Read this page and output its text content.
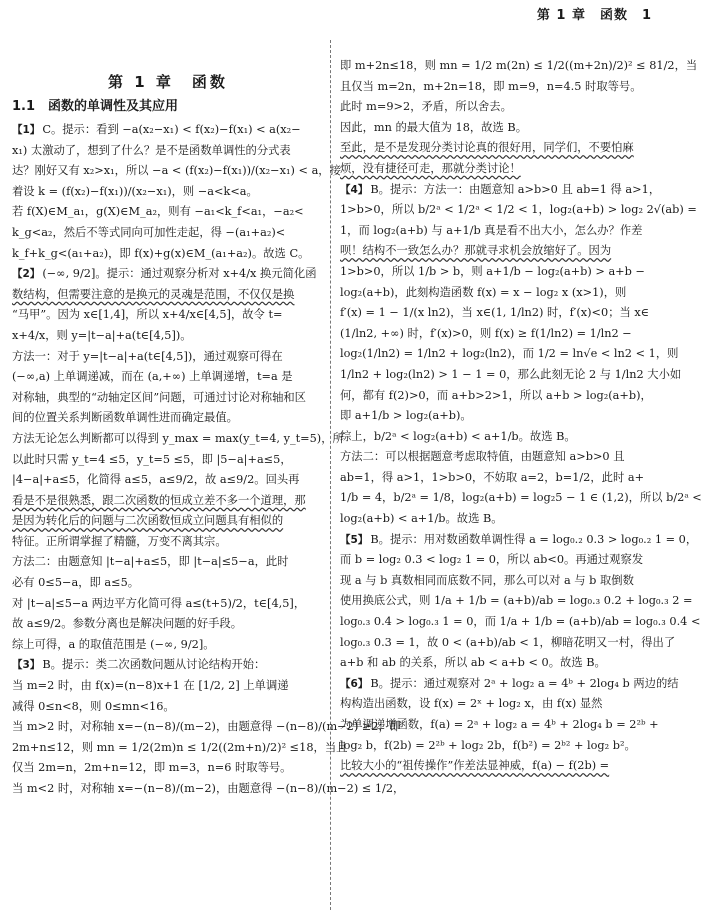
第 1 章　函数　1
第 1 章　函数
1.1　函数的单调性及其应用
【1】 C。提示：看到 −a(x₂−x₁) < f(x₂)−f(x₁) < a(x₂−
x₁) 太激动了，想到了什么？是不是函数单调性的分式表
达？刚好又有 x₂>x₁，所以 −a < (f(x₂)−f(x₁))/(x₂−x₁) < a，接
着设 k = (f(x₂)−f(x₁))/(x₂−x₁)，则 −a<k<a。
若 f(X)∈M_a₁，g(X)∈M_a₂，则有 −a₁<k_f<a₁，−a₂<
k_g<a₂，然后不等式同向可加性走起，得 −(a₁+a₂)<
k_f+k_g<(a₁+a₂)，即 f(x)+g(x)∈M_(a₁+a₂)。故选 C。
【2】 (−∞, 9/2]。提示：通过观察分析对 x+4/x 换元简化函
数结构，但需要注意的是换元的灵魂是范围，不仅仅是换
“马甲”。因为 x∈[1,4]，所以 x+4/x∈[4,5]，故令 t=
x+4/x，则 y=|t−a|+a(t∈[4,5])。
方法一：对于 y=|t−a|+a(t∈[4,5])，通过观察可得在
(−∞,a) 上单调递减，而在 (a,+∞) 上单调递增，t=a 是
对称轴，典型的“动轴定区间”问题，可通过讨论对称轴和区
间的位置关系判断函数单调性进而确定最值。
方法无论怎么判断都可以得到 y_max = max(y_t=4, y_t=5)，所
以此时只需 y_t=4 ≤5，y_t=5 ≤5，即 |5−a|+a≤5，
|4−a|+a≤5，化简得 a≤5，a≤9/2，故 a≤9/2。回头再
看是不是很熟悉，跟二次函数的恒成立差不多一个道理，那
是因为转化后的问题与二次函数恒成立问题具有相似的
特征。正所谓掌握了精髓，万变不离其宗。
方法二：由题意知 |t−a|+a≤5，即 |t−a|≤5−a，此时
必有 0≤5−a，即 a≤5。
对 |t−a|≤5−a 两边平方化简可得 a≤(t+5)/2，t∈[4,5]，
故 a≤9/2。参数分离也是解决问题的好手段。
综上可得，a 的取值范围是 (−∞, 9/2]。
【3】 B。提示：类二次函数问题从讨论结构开始：
当 m=2 时，由 f(x)=(n−8)x+1 在 [1/2, 2] 上单调递
减得 0≤n<8，则 0≤mn<16。
当 m>2 时，对称轴 x=−(n−8)/(m−2)，由题意得 −(n−8)/(m−2) ≥2，即
2m+n≤12，则 mn = 1/2(2m)n ≤ 1/2((2m+n)/2)² ≤18，当且
仅当 2m=n，2m+n=12，即 m=3，n=6 时取等号。
当 m<2 时，对称轴 x=−(n−8)/(m−2)，由题意得 −(n−8)/(m−2) ≤ 1/2，
即 m+2n≤18，则 mn = 1/2 m(2n) ≤ 1/2((m+2n)/2)² ≤ 81/2，当
且仅当 m=2n，m+2n=18，即 m=9，n=4.5 时取等号。
此时 m=9>2，矛盾，所以舍去。
因此，mn 的最大值为 18，故选 B。
至此，是不是发现分类讨论真的很好用，同学们，不要怕麻
烦，没有捷径可走，那就分类讨论！
【4】 B。提示：方法一：由题意知 a>b>0 且 ab=1 得 a>1，
1>b>0，所以 b/2ᵃ < 1/2ᵃ < 1/2 < 1，log₂(a+b) > log₂ 2√(ab) =
1，而 log₂(a+b) 与 a+1/b 真是看不出大小，怎么办？作差
呗！结构不一致怎么办？那就寻求机会放缩好了。因为
1>b>0，所以 1/b > b，则 a+1/b − log₂(a+b) > a+b −
log₂(a+b)，此刻构造函数 f(x) = x − log₂ x (x>1)，则
f′(x) = 1 − 1/(x ln2)，当 x∈(1, 1/ln2) 时，f′(x)<0；当 x∈
(1/ln2, +∞) 时，f′(x)>0，则 f(x) ≥ f(1/ln2) = 1/ln2 −
log₂(1/ln2) = 1/ln2 + log₂(ln2)，而 1/2 = ln√e < ln2 < 1，则
1/ln2 + log₂(ln2) > 1 − 1 = 0，那么此刻无论 2 与 1/ln2 大小如
何，都有 f(2)>0，而 a+b>2>1，所以 a+b > log₂(a+b)，
即 a+1/b > log₂(a+b)。
综上，b/2ᵃ < log₂(a+b) < a+1/b。故选 B。
方法二：可以根据题意考虑取特值，由题意知 a>b>0 且
ab=1，得 a>1，1>b>0，不妨取 a=2，b=1/2，此时 a+
1/b = 4，b/2ᵃ = 1/8，log₂(a+b) = log₂5 − 1 ∈ (1,2)，所以 b/2ᵃ <
log₂(a+b) < a+1/b。故选 B。
【5】 B。提示：用对数函数单调性得 a = log₀.₂ 0.3 > log₀.₂ 1 = 0，
而 b = log₂ 0.3 < log₂ 1 = 0，所以 ab<0。再通过观察发
现 a 与 b 真数相同而底数不同，那么可以对 a 与 b 取倒数
使用换底公式，则 1/a + 1/b = (a+b)/ab = log₀.₃ 0.2 + log₀.₃ 2 =
log₀.₃ 0.4 > log₀.₃ 1 = 0，而 1/a + 1/b = (a+b)/ab = log₀.₃ 0.4 <
log₀.₃ 0.3 = 1，故 0 < (a+b)/ab < 1，柳暗花明又一村，得出了
a+b 和 ab 的关系，所以 ab < a+b < 0。故选 B。
【6】 B。提示：通过观察对 2ᵃ + log₂ a = 4ᵇ + 2log₄ b 两边的结
构构造出函数，设 f(x) = 2ˣ + log₂ x，由 f(x) 显然
为单调递增函数，f(a) = 2ᵃ + log₂ a = 4ᵇ + 2log₄ b = 2²ᵇ +
log₂ b，f(2b) = 2²ᵇ + log₂ 2b，f(b²) = 2ᵇ² + log₂ b²。
比较大小的“祖传操作”作差法显神威，f(a) − f(2b) =
